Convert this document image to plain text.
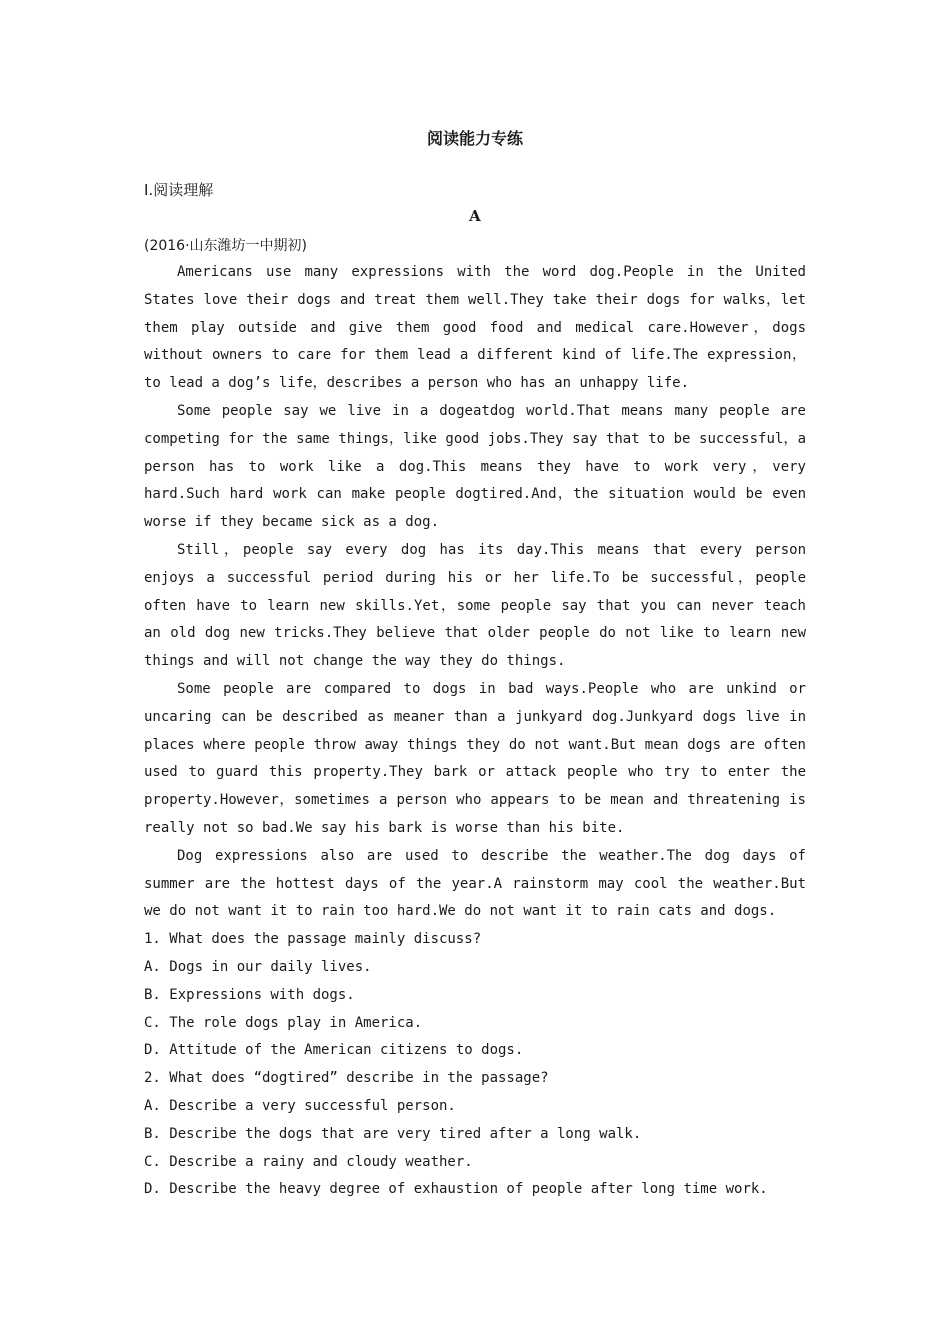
阅读能力专练
Ⅰ.阅读理解
A
(2016·山东潍坊一中期初)

Americans use many expressions with the word dog.People in the United States love their dogs and treat them well.They take their dogs for walks，let them play outside and give them good food and medical care.However，dogs without owners to care for them lead a different kind of life.The expression，to lead a dog’s life，describes a person who has an unhappy life.

Some people say we live in a dogeatdog world.That means many people are competing for the same things，like good jobs.They say that to be successful，a person has to work like a dog.This means they have to work very，very hard.Such hard work can make people dogtired.And，the situation would be even worse if they became sick as a dog.

Still，people say every dog has its day.This means that every person enjoys a successful period during his or her life.To be successful，people often have to learn new skills.Yet，some people say that you can never teach an old dog new tricks.They believe that older people do not like to learn new things and will not change the way they do things.

Some people are compared to dogs in bad ways.People who are unkind or uncaring can be described as meaner than a junkyard dog.Junkyard dogs live in places where people throw away things they do not want.But mean dogs are often used to guard this property.They bark or attack people who try to enter the property.However，sometimes a person who appears to be mean and threatening is really not so bad.We say his bark is worse than his bite.

Dog expressions also are used to describe the weather.The dog days of summer are the hottest days of the year.A rainstorm may cool the weather.But we do not want it to rain too hard.We do not want it to rain cats and dogs.

1. What does the passage mainly discuss?

A. Dogs in our daily lives.

B. Expressions with dogs.

C. The role dogs play in America.

D. Attitude of the American citizens to dogs.

2. What does “dogtired” describe in the passage?

A. Describe a very successful person.

B. Describe the dogs that are very tired after a long walk.

C. Describe a rainy and cloudy weather.

D. Describe the heavy degree of exhaustion of people after long time work.
